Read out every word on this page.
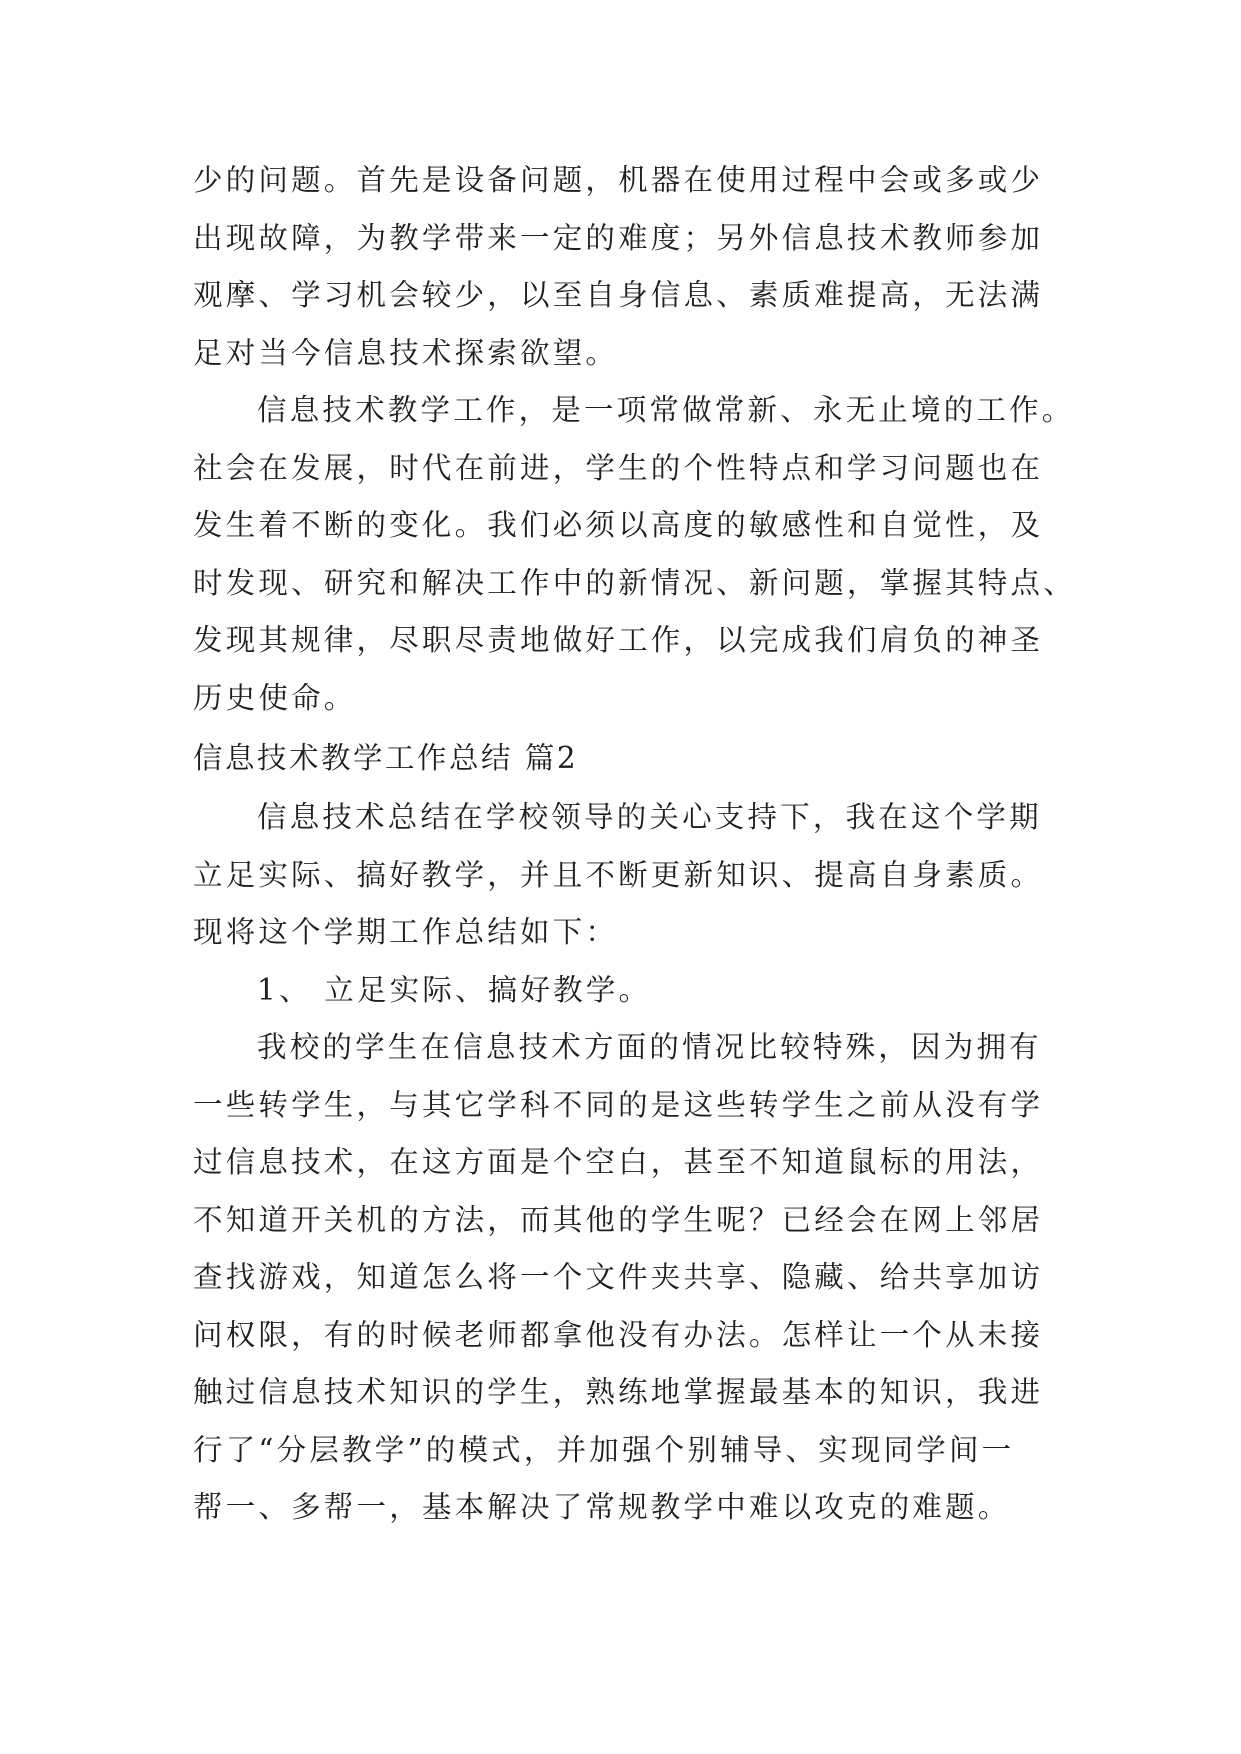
少的问题。首先是设备问题，机器在使用过程中会或多或少
出现故障，为教学带来一定的难度；另外信息技术教师参加
观摩、学习机会较少，以至自身信息、素质难提高，无法满
足对当今信息技术探索欲望。
信息技术教学工作，是一项常做常新、永无止境的工作。
社会在发展，时代在前进，学生的个性特点和学习问题也在
发生着不断的变化。我们必须以高度的敏感性和自觉性，及
时发现、研究和解决工作中的新情况、新问题，掌握其特点、
发现其规律，尽职尽责地做好工作，以完成我们肩负的神圣
历史使命。
信息技术教学工作总结 篇2
信息技术总结在学校领导的关心支持下，我在这个学期
立足实际、搞好教学，并且不断更新知识、提高自身素质。
现将这个学期工作总结如下：
1、 立足实际、搞好教学。
我校的学生在信息技术方面的情况比较特殊，因为拥有
一些转学生，与其它学科不同的是这些转学生之前从没有学
过信息技术，在这方面是个空白，甚至不知道鼠标的用法，
不知道开关机的方法，而其他的学生呢？已经会在网上邻居
查找游戏，知道怎么将一个文件夹共享、隐藏、给共享加访
问权限，有的时候老师都拿他没有办法。怎样让一个从未接
触过信息技术知识的学生，熟练地掌握最基本的知识，我进
行了“分层教学”的模式，并加强个别辅导、实现同学间一
帮一、多帮一，基本解决了常规教学中难以攻克的难题。
